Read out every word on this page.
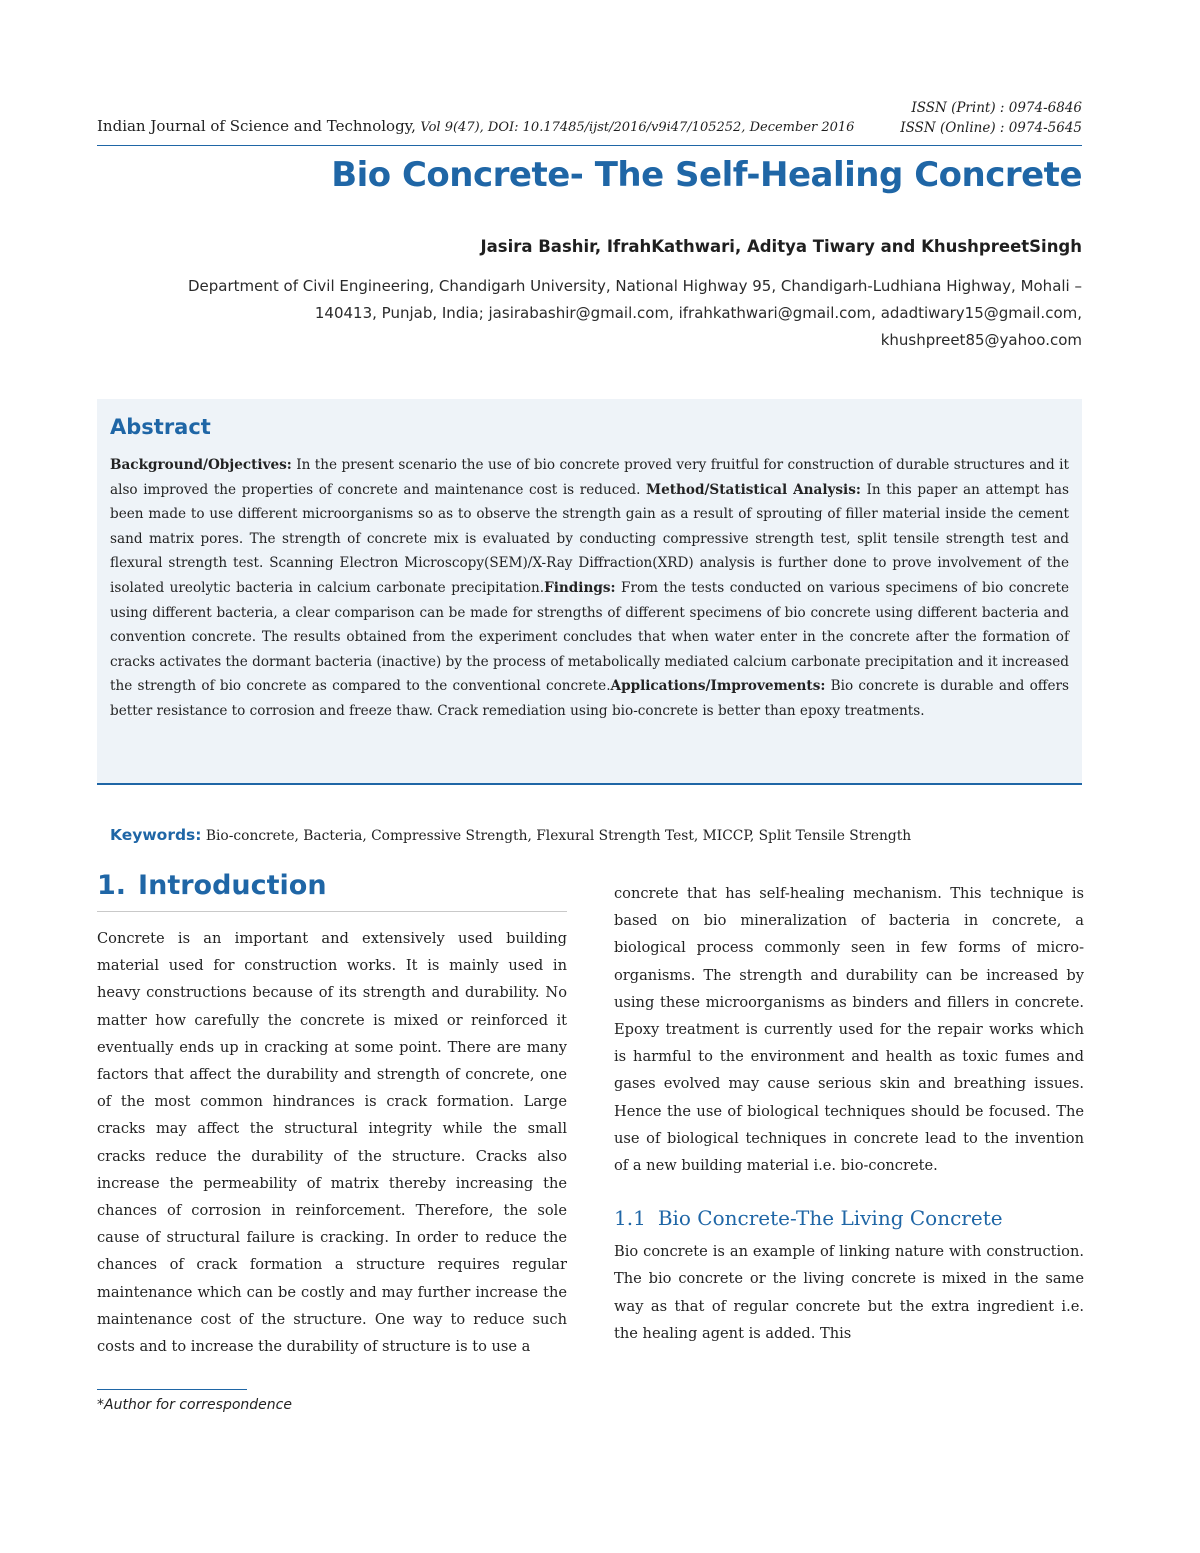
Indian Journal of Science and Technology, Vol 9(47), DOI: 10.17485/ijst/2016/v9i47/105252, December 2016
ISSN (Print) : 0974-6846
ISSN (Online) : 0974-5645
Bio Concrete- The Self-Healing Concrete
Jasira Bashir, IfrahKathwari, Aditya Tiwary and KhushpreetSingh
Department of Civil Engineering, Chandigarh University, National Highway 95, Chandigarh-Ludhiana Highway, Mohali – 140413, Punjab, India; jasirabashir@gmail.com, ifrahkathwari@gmail.com, adadtiwary15@gmail.com, khushpreet85@yahoo.com
Abstract
Background/Objectives: In the present scenario the use of bio concrete proved very fruitful for construction of durable structures and it also improved the properties of concrete and maintenance cost is reduced. Method/Statistical Analysis: In this paper an attempt has been made to use different microorganisms so as to observe the strength gain as a result of sprouting of filler material inside the cement sand matrix pores. The strength of concrete mix is evaluated by conducting compressive strength test, split tensile strength test and flexural strength test. Scanning Electron Microscopy(SEM)/X-Ray Diffraction(XRD) analysis is further done to prove involvement of the isolated ureolytic bacteria in calcium carbonate precipitation.Findings: From the tests conducted on various specimens of bio concrete using different bacteria, a clear comparison can be made for strengths of different specimens of bio concrete using different bacteria and convention concrete. The results obtained from the experiment concludes that when water enter in the concrete after the formation of cracks activates the dormant bacteria (inactive) by the process of metabolically mediated calcium carbonate precipitation and it increased the strength of bio concrete as compared to the conventional concrete.Applications/Improvements: Bio concrete is durable and offers better resistance to corrosion and freeze thaw. Crack remediation using bio-concrete is better than epoxy treatments.
Keywords: Bio-concrete, Bacteria, Compressive Strength, Flexural Strength Test, MICCP, Split Tensile Strength
1. Introduction

Concrete is an important and extensively used building material used for construction works. It is mainly used in heavy constructions because of its strength and durability. No matter how carefully the concrete is mixed or reinforced it eventually ends up in cracking at some point. There are many factors that affect the durability and strength of concrete, one of the most common hindrances is crack formation. Large cracks may affect the structural integrity while the small cracks reduce the durability of the structure. Cracks also increase the permeability of matrix thereby increasing the chances of corrosion in reinforcement. Therefore, the sole cause of structural failure is cracking. In order to reduce the chances of crack formation a structure requires regular maintenance which can be costly and may further increase the maintenance cost of the structure. One way to reduce such costs and to increase the durability of structure is to use a

concrete that has self-healing mechanism. This technique is based on bio mineralization of bacteria in concrete, a biological process commonly seen in few forms of microorganisms. The strength and durability can be increased by using these microorganisms as binders and fillers in concrete. Epoxy treatment is currently used for the repair works which is harmful to the environment and health as toxic fumes and gases evolved may cause serious skin and breathing issues. Hence the use of biological techniques should be focused. The use of biological techniques in concrete lead to the invention of a new building material i.e. bio-concrete.

1.1 Bio Concrete-The Living Concrete

Bio concrete is an example of linking nature with construction. The bio concrete or the living concrete is mixed in the same way as that of regular concrete but the extra ingredient i.e. the healing agent is added. This

*Author for correspondence
